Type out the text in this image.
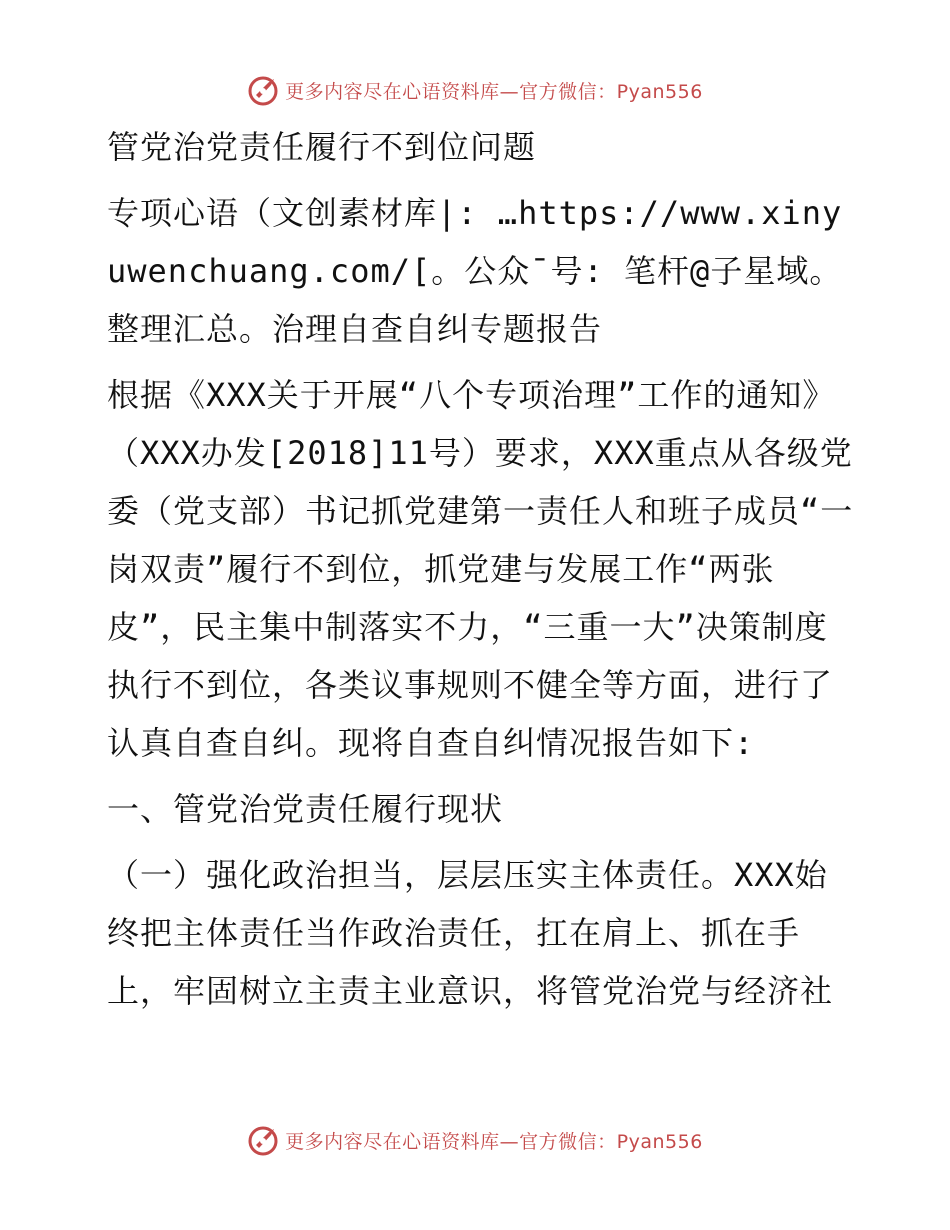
更多内容尽在心语资料库—官方微信：Pyan556

管党治党责任履行不到位问题

专项心语（文创素材库|: …https://www.xinyuwenchuang.com/[。公众¯号: 笔杆@子星域。整理汇总。治理自查自纠专题报告

根据《XXX关于开展“八个专项治理”工作的通知》（XXX办发[2018]11号）要求，XXX重点从各级党委（党支部）书记抓党建第一责任人和班子成员“一岗双责”履行不到位，抓党建与发展工作“两张皮”，民主集中制落实不力，“三重一大”决策制度执行不到位，各类议事规则不健全等方面，进行了认真自查自纠。现将自查自纠情况报告如下:

一、管党治党责任履行现状

（一）强化政治担当，层层压实主体责任。XXX始终把主体责任当作政治责任，扛在肩上、抓在手上，牢固树立主责主业意识，将管党治党与经济社

更多内容尽在心语资料库—官方微信：Pyan556
